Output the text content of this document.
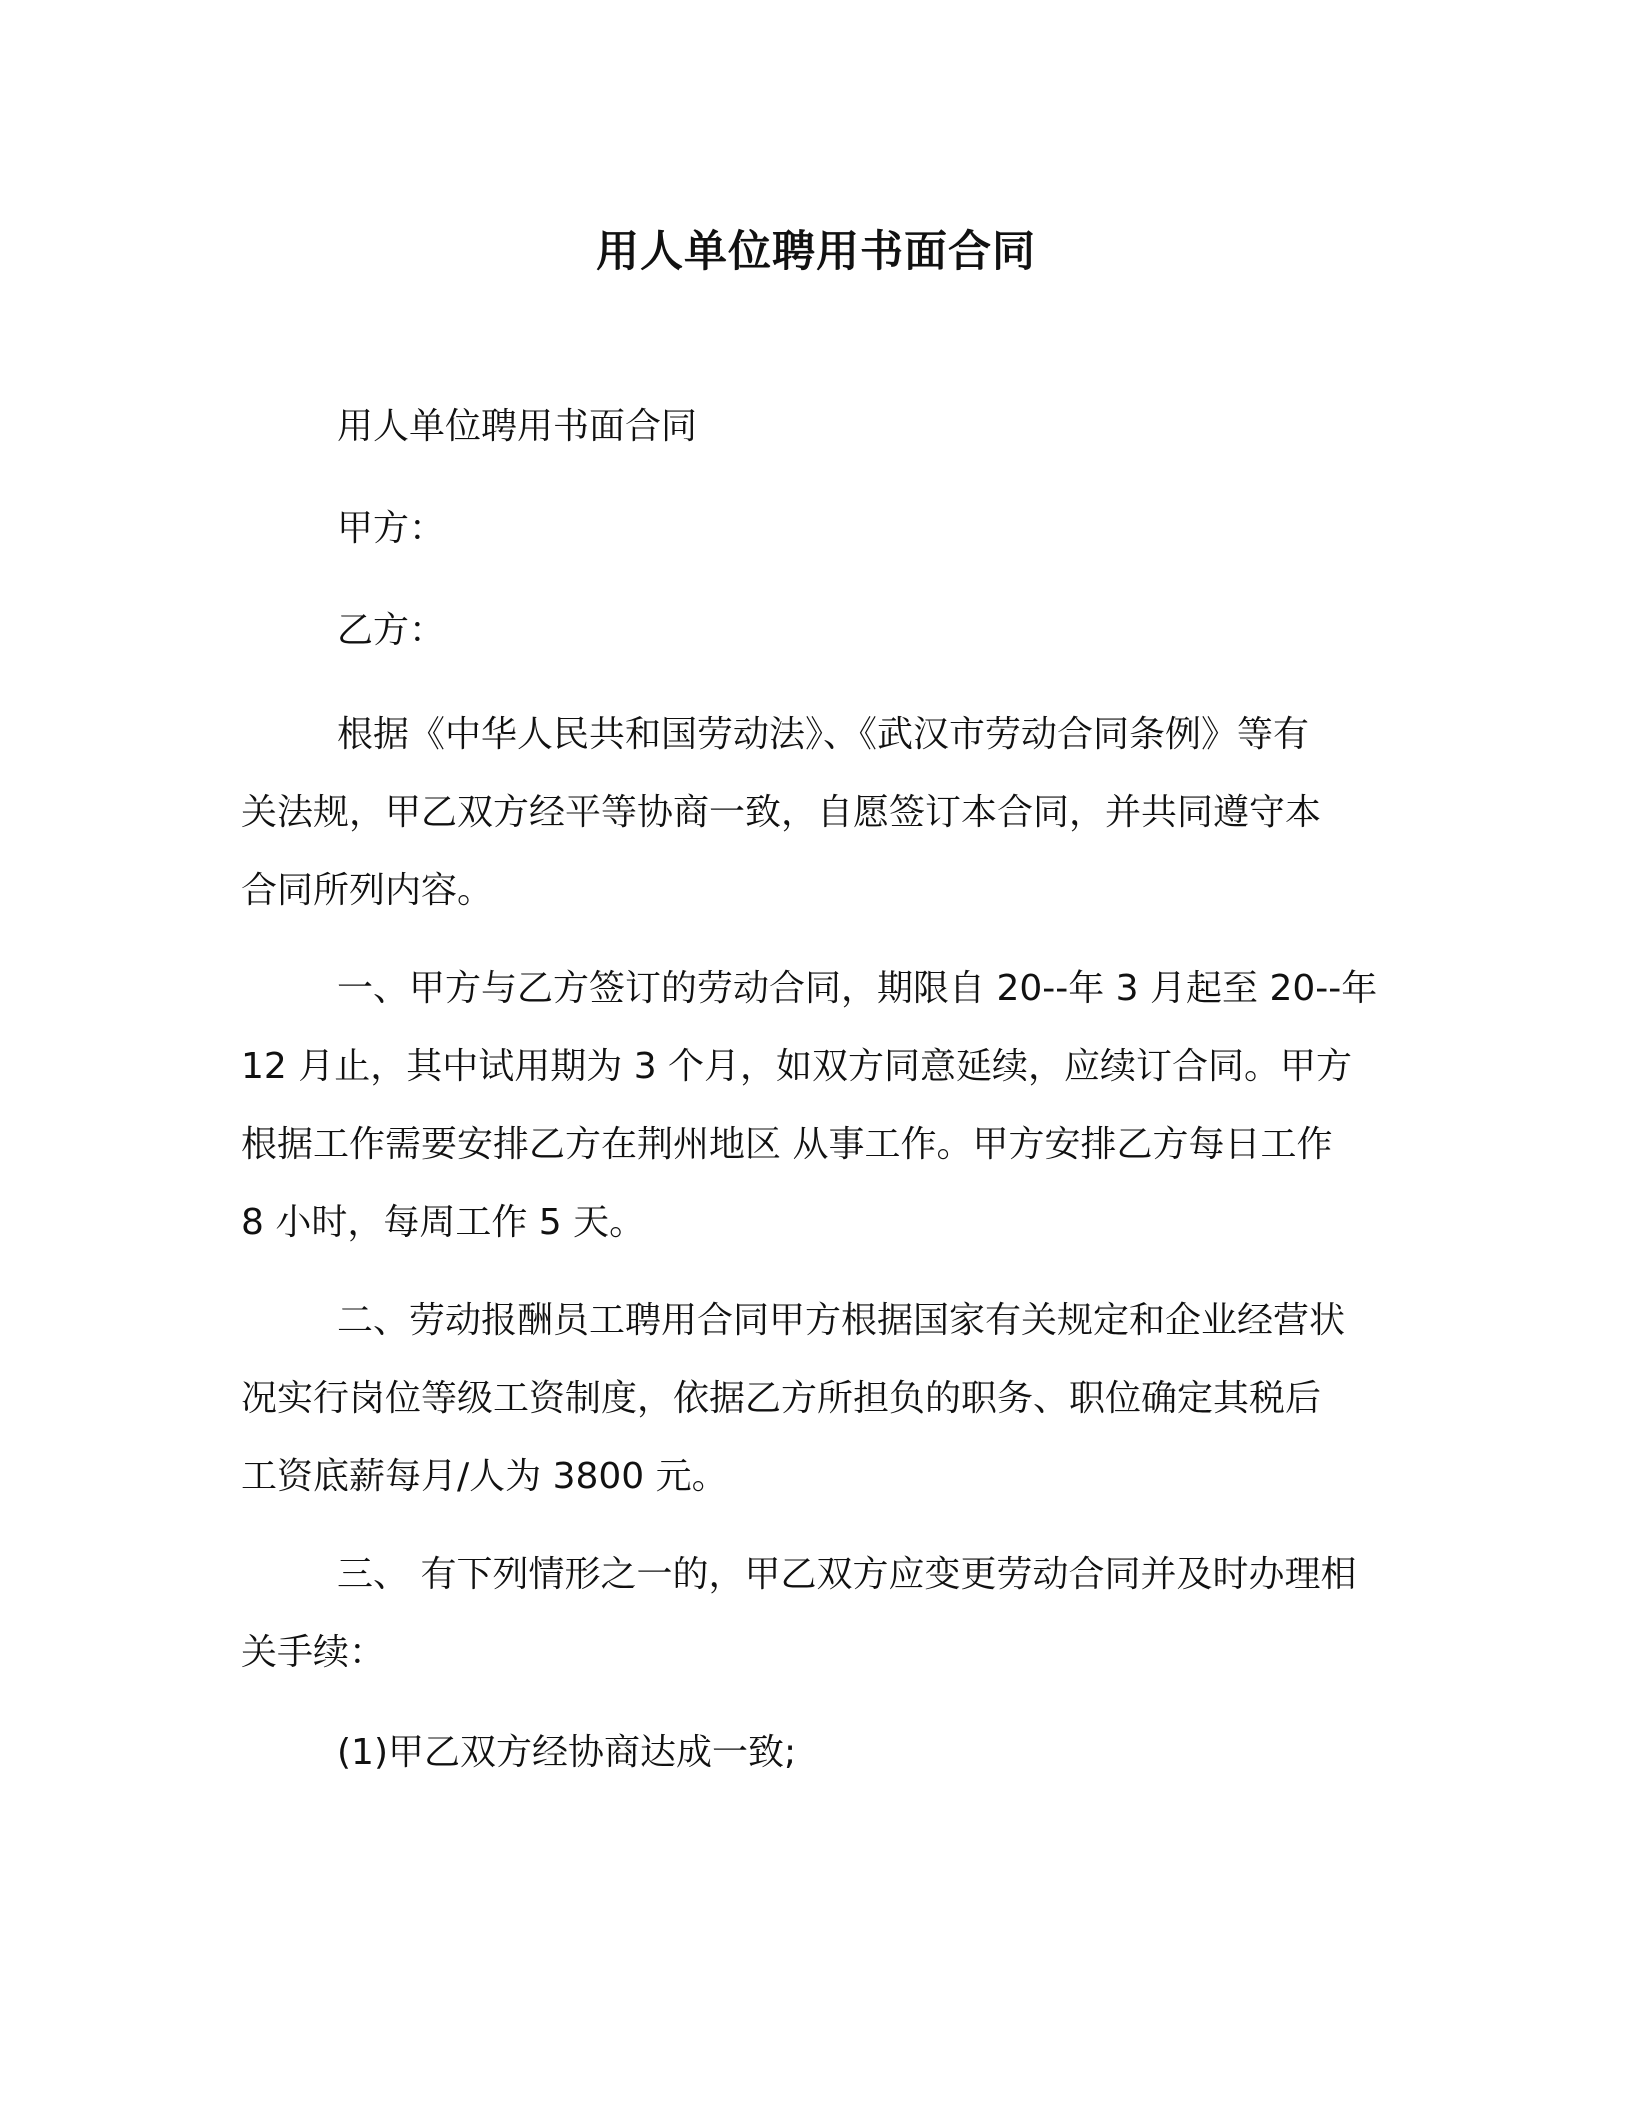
用人单位聘用书面合同
用人单位聘用书面合同
甲方：
乙方：
根据《中华人民共和国劳动法》、《武汉市劳动合同条例》等有
关法规，甲乙双方经平等协商一致，自愿签订本合同，并共同遵守本
合同所列内容。
一、甲方与乙方签订的劳动合同，期限自 20--年 3 月起至 20--年
12 月止，其中试用期为 3 个月，如双方同意延续，应续订合同。甲方
根据工作需要安排乙方在荆州地区 从事工作。甲方安排乙方每日工作
8 小时，每周工作 5 天。
二、劳动报酬员工聘用合同甲方根据国家有关规定和企业经营状
况实行岗位等级工资制度，依据乙方所担负的职务、职位确定其税后
工资底薪每月/人为 3800 元。
三、 有下列情形之一的，甲乙双方应变更劳动合同并及时办理相
关手续：
(1)甲乙双方经协商达成一致;
